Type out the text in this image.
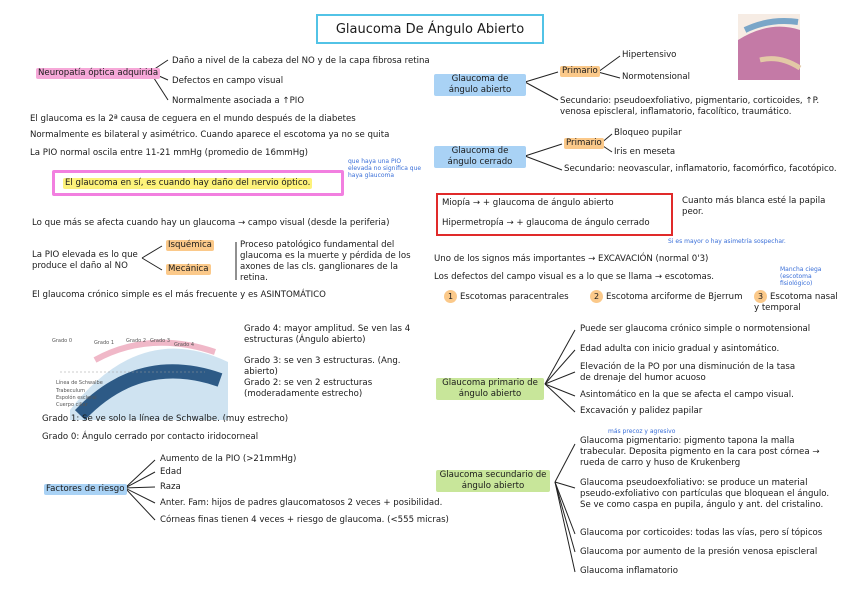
Glaucoma De Ángulo Abierto
Neuropatía óptica adquirida
Daño a nivel de la cabeza del NO y de la capa fibrosa retina
Defectos en campo visual
Normalmente asociada a ↑PIO
El glaucoma es la 2ª causa de ceguera en el mundo después de la diabetes
Normalmente es bilateral y asimétrico. Cuando aparece el escotoma ya no se quita
La PIO normal oscila entre 11-21 mmHg (promedio de 16mmHg)
El glaucoma en sí, es cuando hay daño del nervio óptico.
que haya una PIO elevada no significa que haya glaucoma
Lo que más se afecta cuando hay un glaucoma → campo visual (desde la periferia)
La PIO elevada es lo que produce el daño al NO
Isquémica
Mecánica
Proceso patológico fundamental del glaucoma es la muerte y pérdida de los axones de las cls. ganglionares de la retina.
El glaucoma crónico simple es el más frecuente y es ASINTOMÁTICO
Grado 0	Grado 1 Grado 2 Grado 3
Grado 4
Línea de Schwalbe
Trabeculum
Espolón escleral
Cuerpo ciliar
Grado 4: mayor amplitud. Se ven las 4 estructuras (Ángulo abierto)
Grado 3: se ven 3 estructuras. (Ang. abierto)
Grado 2: se ven 2 estructuras (moderadamente estrecho)
Grado 1: Se ve solo la línea de Schwalbe. (muy estrecho)
Grado 0: Ángulo cerrado por contacto iridocorneal
Factores de riesgo
Aumento de la PIO (>21mmHg)
Edad
Raza
Anter. Fam: hijos de padres glaucomatosos 2 veces + posibilidad.
Córneas finas tienen 4 veces + riesgo de glaucoma. (<555 micras)
Glaucoma de ángulo abierto
Primario
Hipertensivo
Normotensional
Secundario: pseudoexfoliativo, pigmentario, corticoides, ↑P. venosa episcleral, inflamatorio, facolítico, traumático.
Glaucoma de ángulo cerrado
Primario
Bloqueo pupilar
Iris en meseta
Secundario: neovascular, inflamatorio, facomórfico, facotópico.
Miopía → + glaucoma de ángulo abierto
Hipermetropía → + glaucoma de ángulo cerrado
Cuanto más blanca esté la papila peor.
Si es mayor o hay asimetría sospechar.
Uno de los signos más importantes → EXCAVACIÓN (normal 0'3)
Los defectos del campo visual es a lo que se llama → escotomas.
Mancha ciega (escotoma fisiológico)
1 Escotomas paracentrales	2 Escotoma arciforme de Bjerrum	3 Escotoma nasal y temporal
Glaucoma primario de ángulo abierto
Puede ser glaucoma crónico simple o normotensional
Edad adulta con inicio gradual y asintomático.
Elevación de la PO por una disminución de la tasa de drenaje del humor acuoso
Asintomático en la que se afecta el campo visual.
Excavación y palidez papilar
más precoz y agresivo
Glaucoma secundario de ángulo abierto
Glaucoma pigmentario: pigmento tapona la malla trabecular. Deposita pigmento en la cara post córnea → rueda de carro y huso de Krukenberg
Glaucoma pseudoexfoliativo: se produce un material pseudo-exfoliativo con partículas que bloquean el ángulo. Se ve como caspa en pupila, ángulo y ant. del cristalino.
Glaucoma por corticoides: todas las vías, pero sí tópicos
Glaucoma por aumento de la presión venosa episcleral
Glaucoma inflamatorio
